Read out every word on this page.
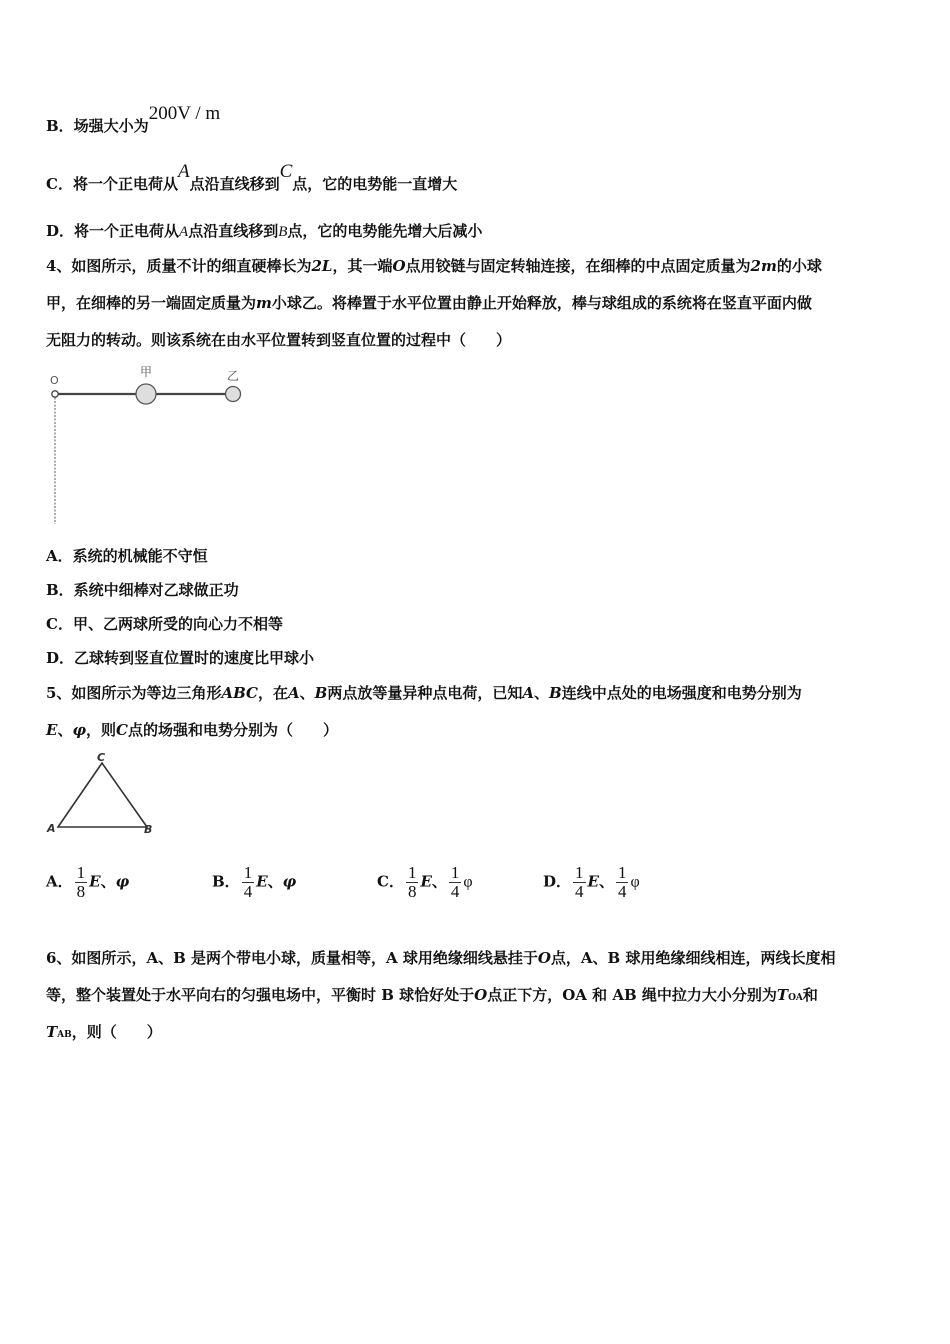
B．场强大小为200V / m
C．将一个正电荷从A点沿直线移到C点，它的电势能一直增大
D．将一个正电荷从A点沿直线移到B点，它的电势能先增大后减小
4、如图所示，质量不计的细直硬棒长为2L，其一端O点用铰链与固定转轴连接，在细棒的中点固定质量为2m的小球
甲，在细棒的另一端固定质量为m小球乙。将棒置于水平位置由静止开始释放，棒与球组成的系统将在竖直平面内做
无阻力的转动。则该系统在由水平位置转到竖直位置的过程中（　　）
O
甲	乙
A．系统的机械能不守恒
B．系统中细棒对乙球做正功
C．甲、乙两球所受的向心力不相等
D．乙球转到竖直位置时的速度比甲球小
5、如图所示为等边三角形ABC，在A、B两点放等量异种点电荷，已知A、B连线中点处的电场强度和电势分别为
E、φ，则C点的场强和电势分别为（　　）
C
A	B
A． $\frac{1}{8}$ E、φ	B． $\frac{1}{4}$ E、φ	C． $\frac{1}{8}$ E、 $\frac{1}{4}$ φ	D． $\frac{1}{4}$ E、 $\frac{1}{4}$ φ
6、如图所示，A、B 是两个带电小球，质量相等，A 球用绝缘细线悬挂于O点，A、B 球用绝缘细线相连，两线长度相
等，整个装置处于水平向右的匀强电场中，平衡时 B 球恰好处于O点正下方，OA 和 AB 绳中拉力大小分别为TOA和
TAB，则（　　）
